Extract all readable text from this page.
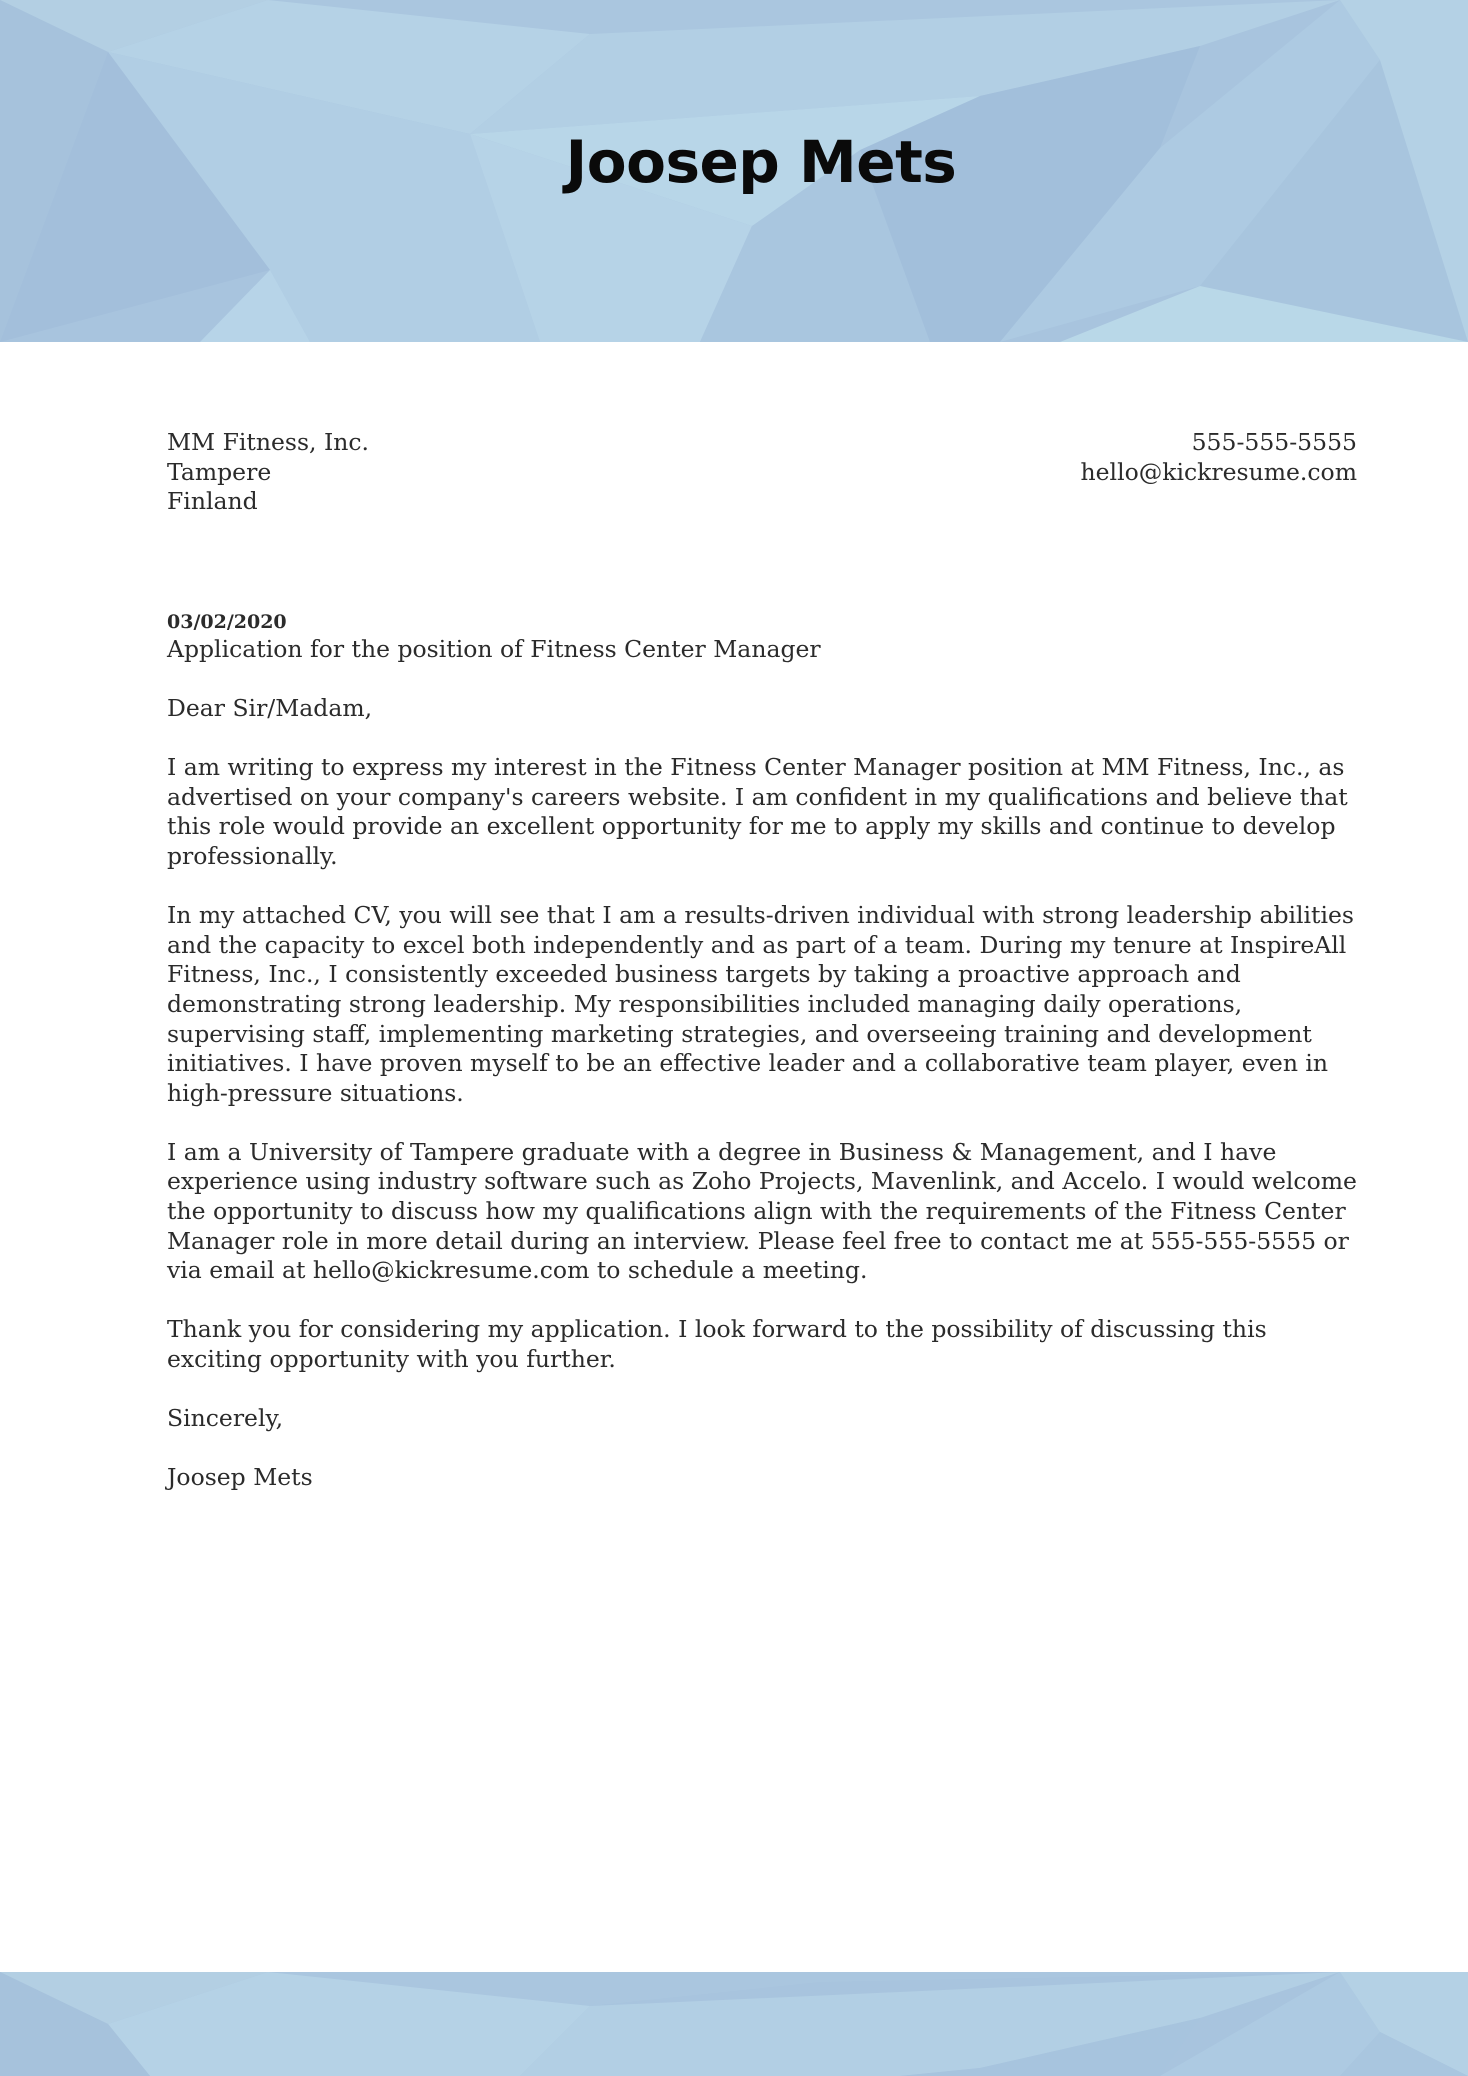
Joosep Mets
MM Fitness, Inc.
Tampere
Finland
555-555-5555
hello@kickresume.com
03/02/2020
Application for the position of Fitness Center Manager
Dear Sir/Madam,
I am writing to express my interest in the Fitness Center Manager position at MM Fitness, Inc., as advertised on your company's careers website. I am confident in my qualifications and believe that this role would provide an excellent opportunity for me to apply my skills and continue to develop professionally.
In my attached CV, you will see that I am a results-driven individual with strong leadership abilities and the capacity to excel both independently and as part of a team. During my tenure at InspireAll Fitness, Inc., I consistently exceeded business targets by taking a proactive approach and demonstrating strong leadership. My responsibilities included managing daily operations, supervising staff, implementing marketing strategies, and overseeing training and development initiatives. I have proven myself to be an effective leader and a collaborative team player, even in high-pressure situations.
I am a University of Tampere graduate with a degree in Business & Management, and I have experience using industry software such as Zoho Projects, Mavenlink, and Accelo. I would welcome the opportunity to discuss how my qualifications align with the requirements of the Fitness Center Manager role in more detail during an interview. Please feel free to contact me at 555-555-5555 or via email at hello@kickresume.com to schedule a meeting.
Thank you for considering my application. I look forward to the possibility of discussing this exciting opportunity with you further.
Sincerely,
Joosep Mets
